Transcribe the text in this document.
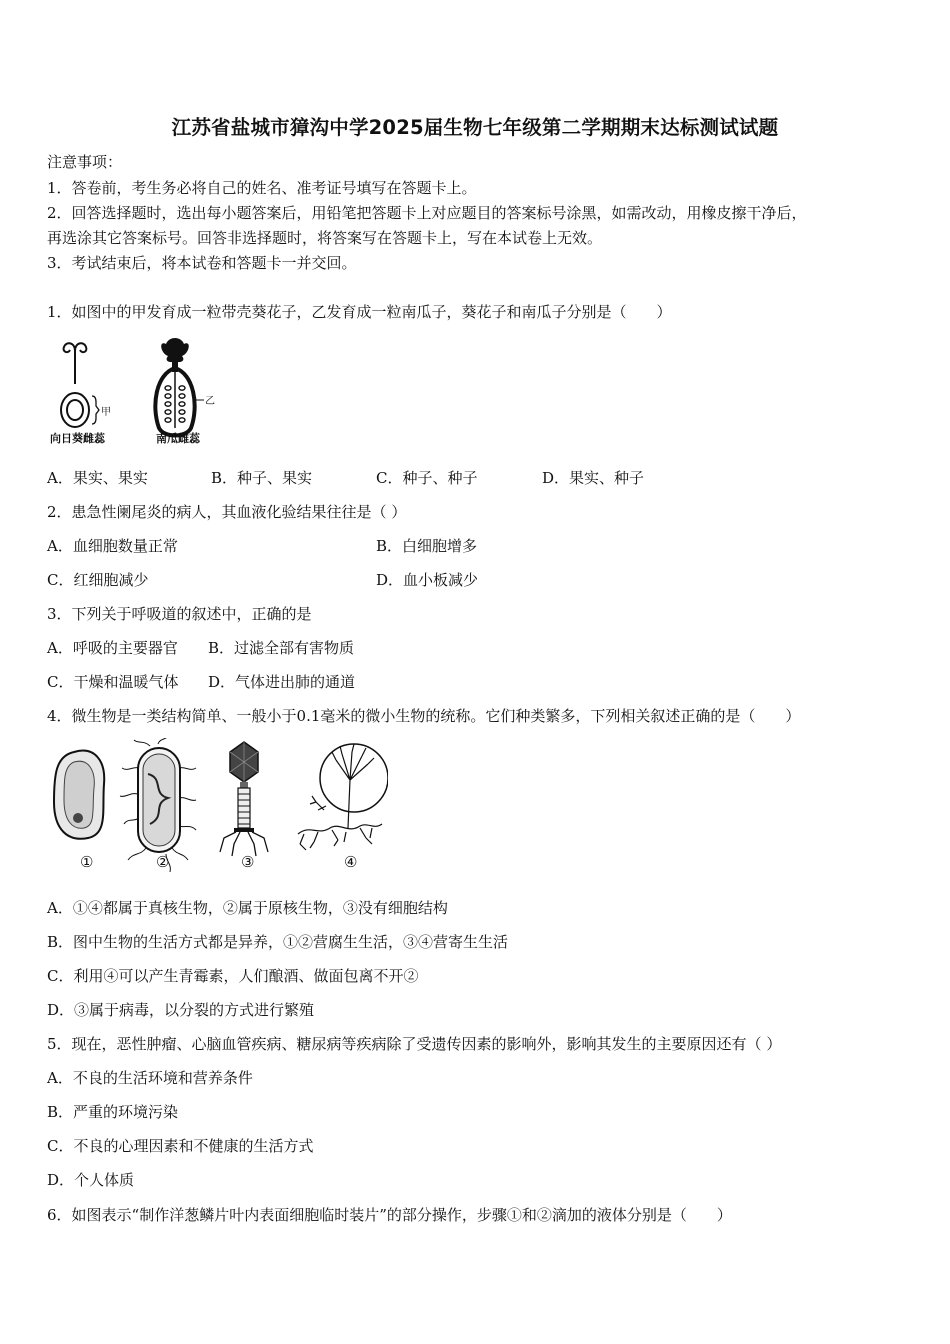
江苏省盐城市獐沟中学2025届生物七年级第二学期期末达标测试试题
注意事项：
1．答卷前，考生务必将自己的姓名、准考证号填写在答题卡上。
2．回答选择题时，选出每小题答案后，用铅笔把答题卡上对应题目的答案标号涂黑，如需改动，用橡皮擦干净后，
再选涂其它答案标号。回答非选择题时，将答案写在答题卡上，写在本试卷上无效。
3．考试结束后，将本试卷和答题卡一并交回。
1．如图中的甲发育成一粒带壳葵花子，乙发育成一粒南瓜子，葵花子和南瓜子分别是（　　）
甲
乙
向日葵雌蕊	南瓜雌蕊
A．果实、果实	B．种子、果实	C．种子、种子	D．果实、种子
2．患急性阑尾炎的病人，其血液化验结果往往是（ ）
A．血细胞数量正常	B．白细胞增多
C．红细胞减少	D．血小板减少
3．下列关于呼吸道的叙述中，正确的是
A．呼吸的主要器官 B．过滤全部有害物质
C．干燥和温暖气体 D．气体进出肺的通道
4．微生物是一类结构简单、一般小于0.1毫米的微小生物的统称。它们种类繁多，下列相关叙述正确的是（　　）
①	②	③	④
A．①④都属于真核生物，②属于原核生物，③没有细胞结构
B．图中生物的生活方式都是异养，①②营腐生生活，③④营寄生生活
C．利用④可以产生青霉素，人们酿酒、做面包离不开②
D．③属于病毒，以分裂的方式进行繁殖
5．现在，恶性肿瘤、心脑血管疾病、糖尿病等疾病除了受遗传因素的影响外，影响其发生的主要原因还有（ ）
A．不良的生活环境和营养条件
B．严重的环境污染
C．不良的心理因素和不健康的生活方式
D．个人体质
6．如图表示“制作洋葱鳞片叶内表面细胞临时装片”的部分操作，步骤①和②滴加的液体分别是（　　）
